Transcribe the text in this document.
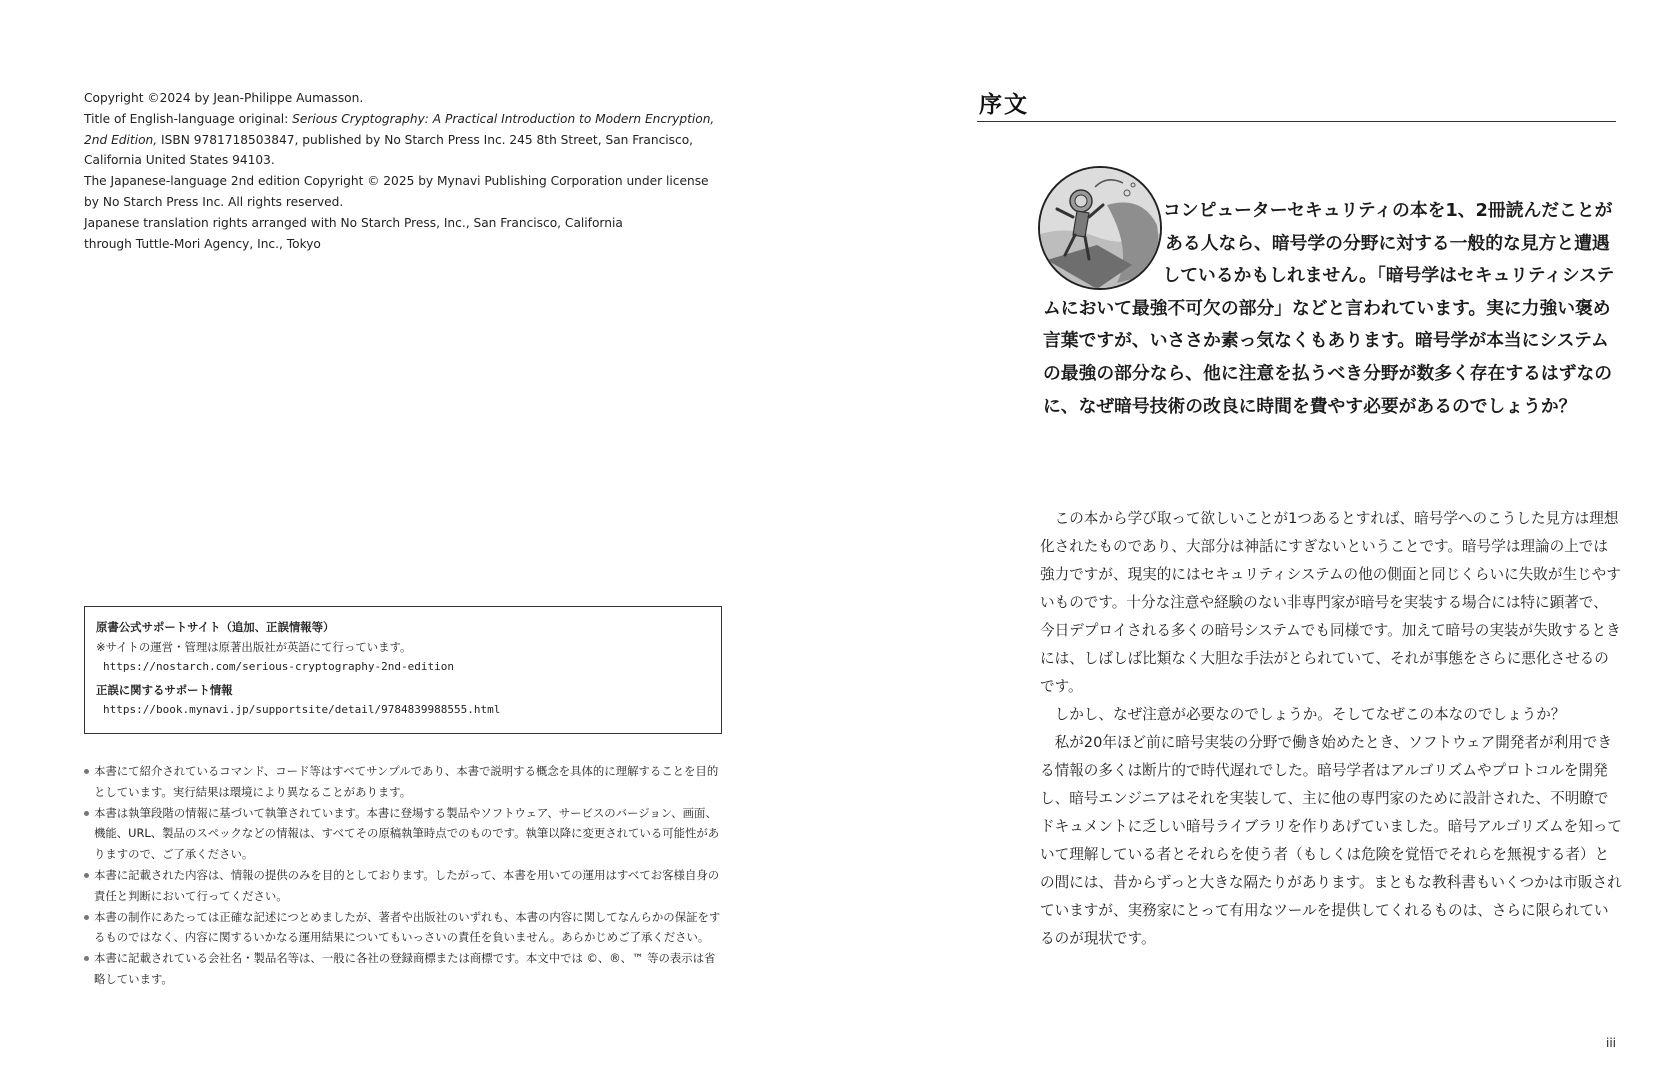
Copyright ©2024 by Jean-Philippe Aumasson.

Title of English-language original: Serious Cryptography: A Practical Introduction to Modern Encryption, 2nd Edition, ISBN 9781718503847, published by No Starch Press Inc. 245 8th Street, San Francisco, California United States 94103.

The Japanese-language 2nd edition Copyright © 2025 by Mynavi Publishing Corporation under license by No Starch Press Inc. All rights reserved.

Japanese translation rights arranged with No Starch Press, Inc., San Francisco, California

through Tuttle-Mori Agency, Inc., Tokyo

原書公式サポートサイト（追加、正誤情報等）
※サイトの運営・管理は原著出版社が英語にて行っています。
https://nostarch.com/serious-cryptography-2nd-edition
正誤に関するサポート情報
https://book.mynavi.jp/supportsite/detail/9784839988555.html
本書にて紹介されているコマンド、コード等はすべてサンプルであり、本書で説明する概念を具体的に理解することを目的としています。実行結果は環境により異なることがあります。
本書は執筆段階の情報に基づいて執筆されています。本書に登場する製品やソフトウェア、サービスのバージョン、画面、機能、URL、製品のスペックなどの情報は、すべてその原稿執筆時点でのものです。執筆以降に変更されている可能性がありますので、ご了承ください。
本書に記載された内容は、情報の提供のみを目的としております。したがって、本書を用いての運用はすべてお客様自身の責任と判断において行ってください。
本書の制作にあたっては正確な記述につとめましたが、著者や出版社のいずれも、本書の内容に関してなんらかの保証をするものではなく、内容に関するいかなる運用結果についてもいっさいの責任を負いません。あらかじめご了承ください。
本書に記載されている会社名・製品名等は、一般に各社の登録商標または商標です。本文中では ©、®、™ 等の表示は省略しています。
序文
コンピューターセキュリティの本を1、2冊読んだことがある人なら、暗号学の分野に対する一般的な見方と遭遇しているかもしれません。「暗号学はセキュリティシステムにおいて最強不可欠の部分」などと言われています。実に力強い褒め言葉ですが、いささか素っ気なくもあります。暗号学が本当にシステムの最強の部分なら、他に注意を払うべき分野が数多く存在するはずなのに、なぜ暗号技術の改良に時間を費やす必要があるのでしょうか？

この本から学び取って欲しいことが1つあるとすれば、暗号学へのこうした見方は理想化されたものであり、大部分は神話にすぎないということです。暗号学は理論の上では強力ですが、現実的にはセキュリティシステムの他の側面と同じくらいに失敗が生じやすいものです。十分な注意や経験のない非専門家が暗号を実装する場合には特に顕著で、今日デプロイされる多くの暗号システムでも同様です。加えて暗号の実装が失敗するときには、しばしば比類なく大胆な手法がとられていて、それが事態をさらに悪化させるのです。

しかし、なぜ注意が必要なのでしょうか。そしてなぜこの本なのでしょうか？

私が20年ほど前に暗号実装の分野で働き始めたとき、ソフトウェア開発者が利用できる情報の多くは断片的で時代遅れでした。暗号学者はアルゴリズムやプロトコルを開発し、暗号エンジニアはそれを実装して、主に他の専門家のために設計された、不明瞭でドキュメントに乏しい暗号ライブラリを作りあげていました。暗号アルゴリズムを知っていて理解している者とそれらを使う者（もしくは危険を覚悟でそれらを無視する者）との間には、昔からずっと大きな隔たりがあります。まともな教科書もいくつかは市販されていますが、実務家にとって有用なツールを提供してくれるものは、さらに限られているのが現状です。

iii
